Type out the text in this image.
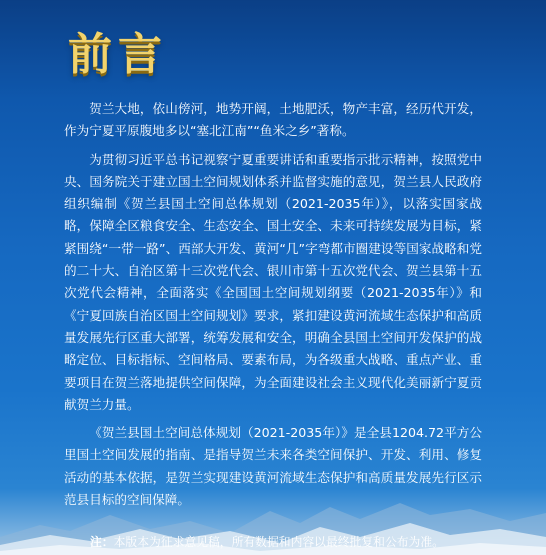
前言

贺兰大地，依山傍河，地势开阔，土地肥沃，物产丰富，经历代开发，作为宁夏平原腹地多以“塞北江南”“鱼米之乡”著称。

为贯彻习近平总书记视察宁夏重要讲话和重要指示批示精神，按照党中央、国务院关于建立国土空间规划体系并监督实施的意见，贺兰县人民政府组织编制《贺兰县国土空间总体规划（2021-2035年）》，以落实国家战略，保障全区粮食安全、生态安全、国土安全、未来可持续发展为目标，紧紧围绕“一带一路”、西部大开发、黄河“几”字弯都市圈建设等国家战略和党的二十大、自治区第十三次党代会、银川市第十五次党代会、贺兰县第十五次党代会精神，全面落实《全国国土空间规划纲要（2021-2035年）》和《宁夏回族自治区国土空间规划》要求，紧扣建设黄河流域生态保护和高质量发展先行区重大部署，统筹发展和安全，明确全县国土空间开发保护的战略定位、目标指标、空间格局、要素布局，为各级重大战略、重点产业、重要项目在贺兰落地提供空间保障，为全面建设社会主义现代化美丽新宁夏贡献贺兰力量。

《贺兰县国土空间总体规划（2021-2035年）》是全县1204.72平方公里国土空间发展的指南、是指导贺兰未来各类空间保护、开发、利用、修复活动的基本依据，是贺兰实现建设黄河流域生态保护和高质量发展先行区示范县目标的空间保障。

注：本版本为征求意见稿，所有数据和内容以最终批复和公布为准。
